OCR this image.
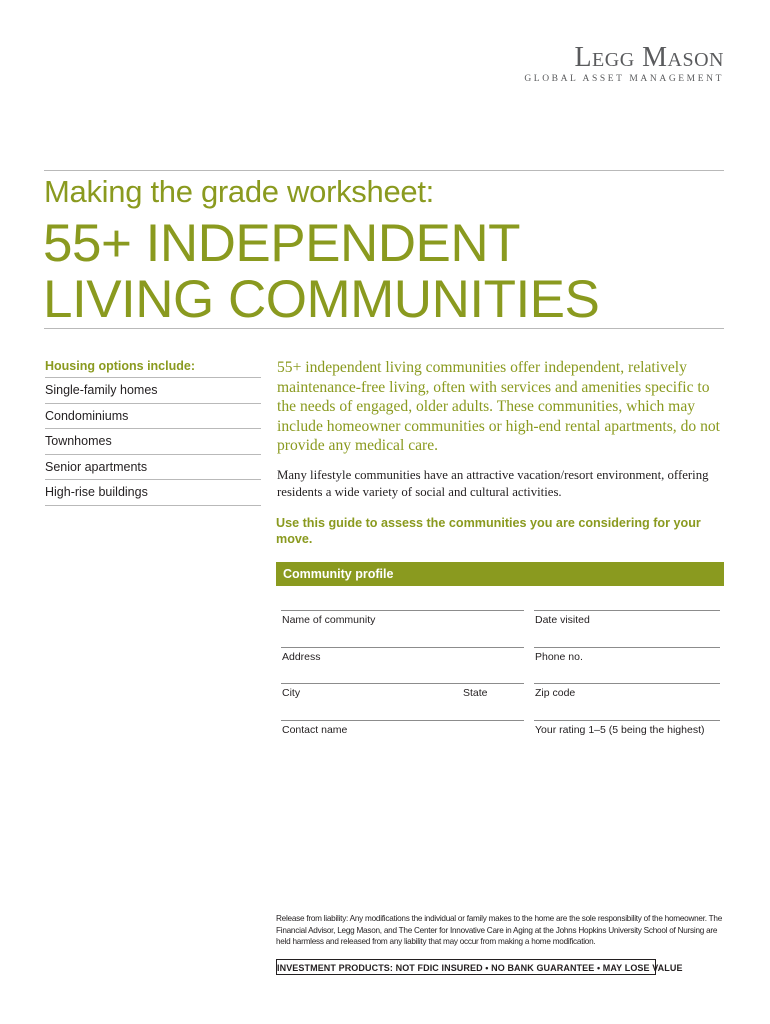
Legg Mason
GLOBAL ASSET MANAGEMENT
Making the grade worksheet:
55+ INDEPENDENT
LIVING COMMUNITIES
Housing options include:
Single-family homes
Condominiums
Townhomes
Senior apartments
High-rise buildings
55+ independent living communities offer independent, relatively maintenance-free living, often with services and amenities specific to the needs of engaged, older adults. These communities, which may include homeowner communities or high-end rental apartments, do not provide any medical care.
Many lifestyle communities have an attractive vacation/resort environment, offering residents a wide variety of social and cultural activities.
Use this guide to assess the communities you are considering for your move.
Community profile
Name of community	Date visited
Address	Phone no.
City	State	Zip code
Contact name	Your rating 1–5 (5 being the highest)
Release from liability: Any modifications the individual or family makes to the home are the sole responsibility of the homeowner. The Financial Advisor, Legg Mason, and The Center for Innovative Care in Aging at the Johns Hopkins University School of Nursing are held harmless and released from any liability that may occur from making a home modification.
INVESTMENT PRODUCTS: NOT FDIC INSURED • NO BANK GUARANTEE • MAY LOSE VALUE
